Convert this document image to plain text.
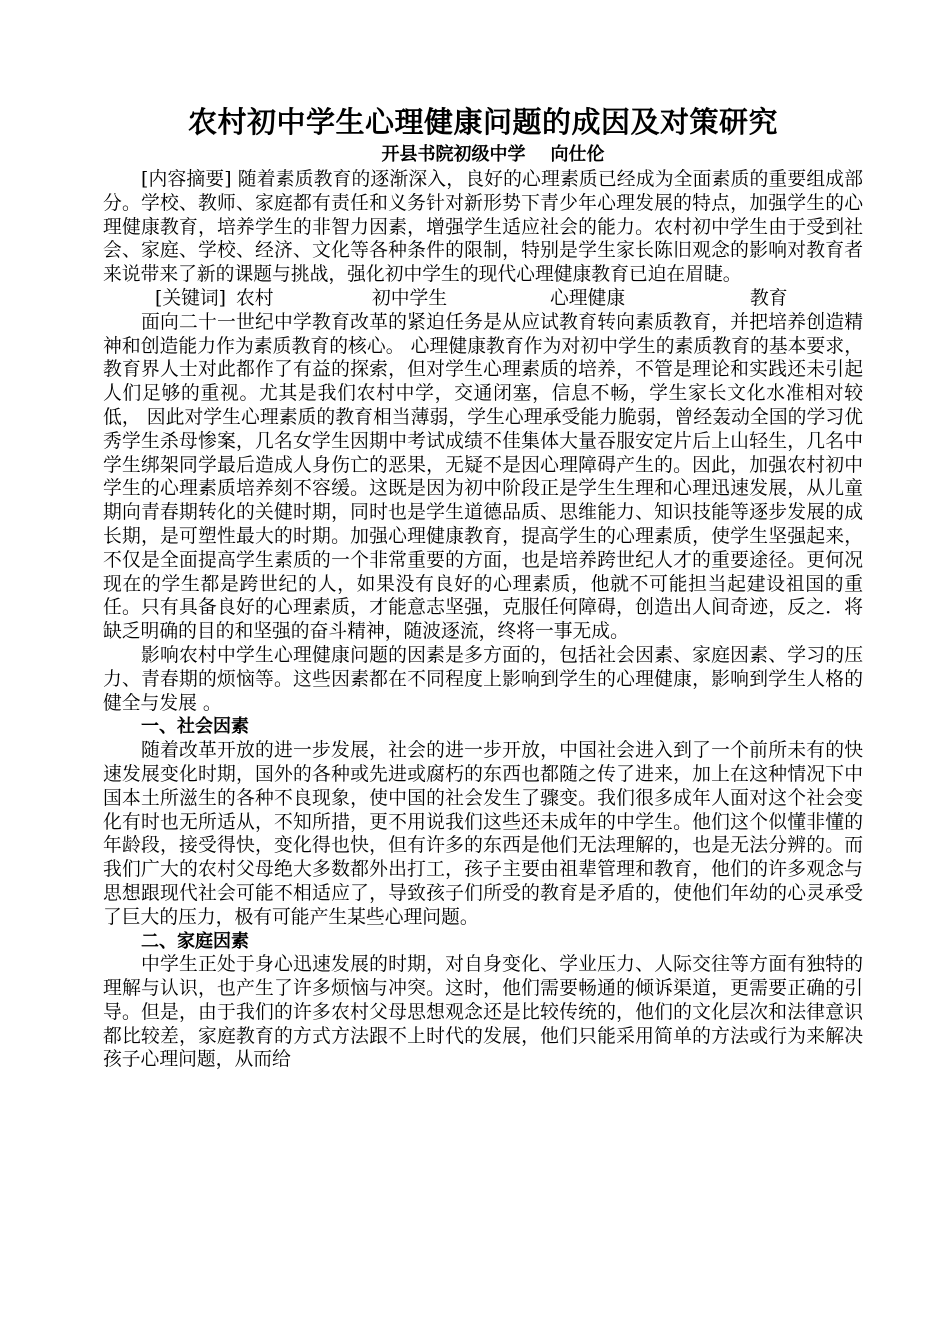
农村初中学生心理健康问题的成因及对策研究

开县书院初级中学    向仕伦

[内容摘要] 随着素质教育的逐渐深入，良好的心理素质已经成为全面素质的重要组成部分。学校、教师、家庭都有责任和义务针对新形势下青少年心理发展的特点，加强学生的心理健康教育，培养学生的非智力因素，增强学生适应社会的能力。农村初中学生由于受到社会、家庭、学校、经济、文化等各种条件的限制，特别是学生家长陈旧观念的影响对教育者来说带来了新的课题与挑战，强化初中学生的现代心理健康教育已迫在眉睫。

[关键词] 农村	初中学生	心理健康	教育

面向二十一世纪中学教育改革的紧迫任务是从应试教育转向素质教育，并把培养创造精神和创造能力作为素质教育的核心。 心理健康教育作为对初中学生的素质教育的基本要求，教育界人士对此都作了有益的探索，但对学生心理素质的培养，不管是理论和实践还未引起人们足够的重视。尤其是我们农村中学，交通闭塞，信息不畅，学生家长文化水准相对较低， 因此对学生心理素质的教育相当薄弱，学生心理承受能力脆弱，曾经轰动全国的学习优秀学生杀母惨案，几名女学生因期中考试成绩不佳集体大量吞服安定片后上山轻生，几名中学生绑架同学最后造成人身伤亡的恶果，无疑不是因心理障碍产生的。因此，加强农村初中学生的心理素质培养刻不容缓。这既是因为初中阶段正是学生生理和心理迅速发展，从儿童期向青春期转化的关健时期，同时也是学生道德品质、思维能力、知识技能等逐步发展的成长期，是可塑性最大的时期。加强心理健康教育，提高学生的心理素质，使学生坚强起来，不仅是全面提高学生素质的一个非常重要的方面，也是培养跨世纪人才的重要途径。更何况现在的学生都是跨世纪的人，如果没有良好的心理素质，他就不可能担当起建设祖国的重任。只有具备良好的心理素质，才能意志坚强，克服任何障碍，创造出人间奇迹，反之．将缺乏明确的目的和坚强的奋斗精神，随波逐流，终将一事无成。

影响农村中学生心理健康问题的因素是多方面的，包括社会因素、家庭因素、学习的压力、青春期的烦恼等。这些因素都在不同程度上影响到学生的心理健康，影响到学生人格的健全与发展 。

一、社会因素

随着改革开放的进一步发展，社会的进一步开放，中国社会进入到了一个前所未有的快速发展变化时期，国外的各种或先进或腐朽的东西也都随之传了进来，加上在这种情况下中国本土所滋生的各种不良现象，使中国的社会发生了骤变。我们很多成年人面对这个社会变化有时也无所适从，不知所措，更不用说我们这些还未成年的中学生。他们这个似懂非懂的年龄段，接受得快，变化得也快，但有许多的东西是他们无法理解的，也是无法分辨的。而我们广大的农村父母绝大多数都外出打工，孩子主要由祖辈管理和教育，他们的许多观念与思想跟现代社会可能不相适应了，导致孩子们所受的教育是矛盾的，使他们年幼的心灵承受了巨大的压力，极有可能产生某些心理问题。

二、家庭因素

中学生正处于身心迅速发展的时期，对自身变化、学业压力、人际交往等方面有独特的理解与认识，也产生了许多烦恼与冲突。这时，他们需要畅通的倾诉渠道，更需要正确的引导。但是，由于我们的许多农村父母思想观念还是比较传统的，他们的文化层次和法律意识都比较差，家庭教育的方式方法跟不上时代的发展，他们只能采用简单的方法或行为来解决孩子心理问题，从而给
